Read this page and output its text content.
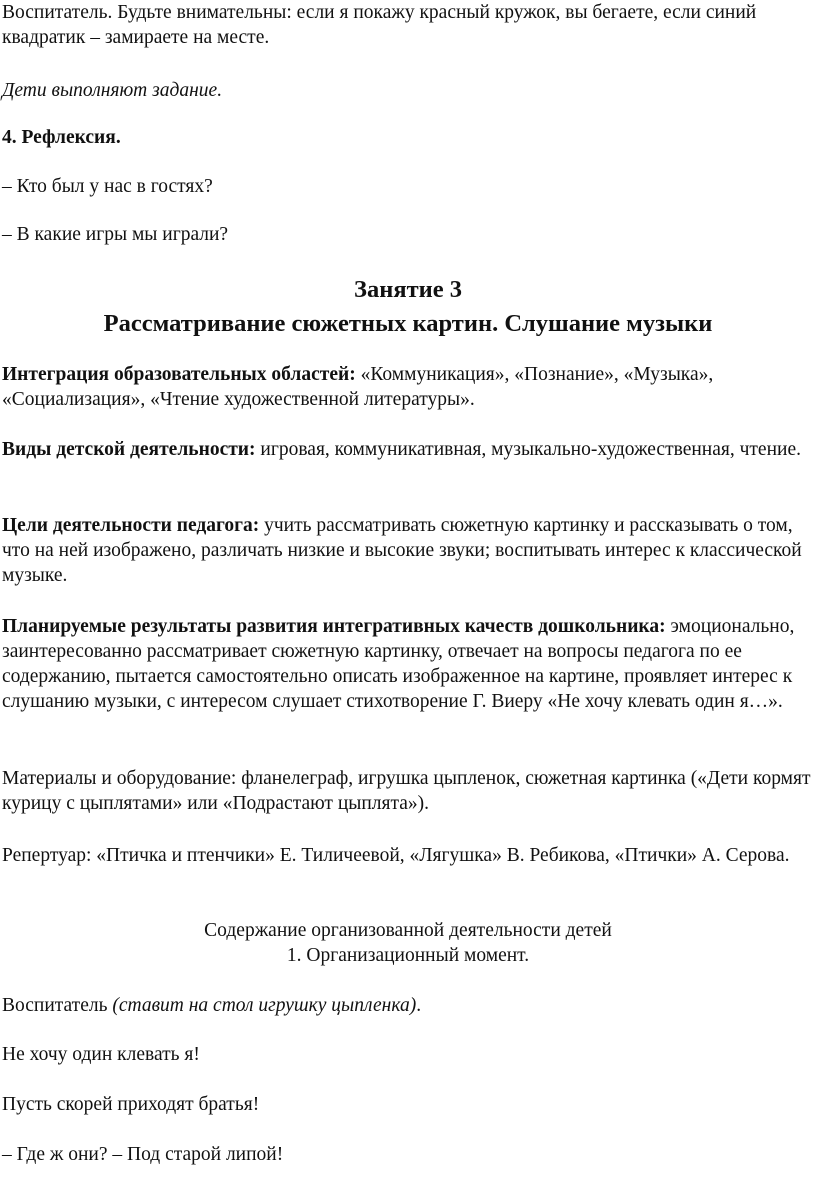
Воспитатель. Будьте внимательны: если я покажу красный кружок, вы бегаете, если синий квадратик – замираете на месте.

Дети выполняют задание.

4. Рефлексия.

– Кто был у нас в гостях?

– В какие игры мы играли?

Занятие 3

Рассматривание сюжетных картин. Слушание музыки

Интеграция образовательных областей: «Коммуникация», «Познание», «Музыка», «Социализация», «Чтение художественной литературы».

Виды детской деятельности: игровая, коммуникативная, музыкально-художественная, чтение.

Цели деятельности педагога: учить рассматривать сюжетную картинку и рассказывать о том, что на ней изображено, различать низкие и высокие звуки; воспитывать интерес к классической музыке.

Планируемые результаты развития интегративных качеств дошкольника: эмоционально, заинтересованно рассматривает сюжетную картинку, отвечает на вопросы педагога по ее содержанию, пытается самостоятельно описать изображенное на картине, проявляет интерес к слушанию музыки, с интересом слушает стихотворение Г. Виеру «Не хочу клевать один я…».

Материалы и оборудование: фланелеграф, игрушка цыпленок, сюжетная картинка («Дети кормят курицу с цыплятами» или «Подрастают цыплята»).

Репертуар: «Птичка и птенчики» Е. Тиличеевой, «Лягушка» В. Ребикова, «Птички» А. Серова.

Содержание организованной деятельности детей

1. Организационный момент.

Воспитатель (ставит на стол игрушку цыпленка).

Не хочу один клевать я!

Пусть скорей приходят братья!

– Где ж они? – Под старой липой!
